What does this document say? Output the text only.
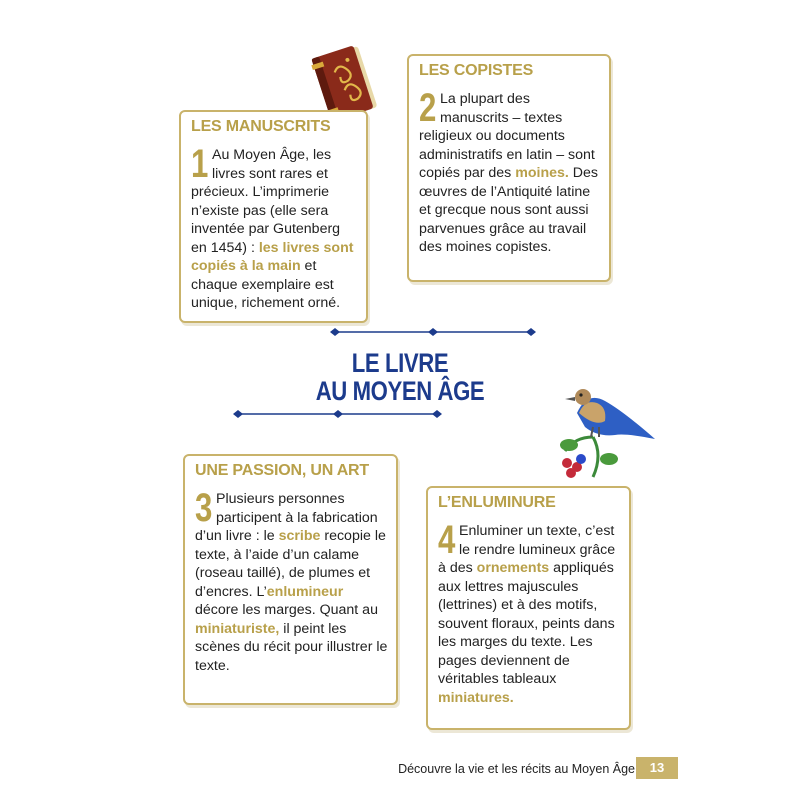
LES MANUSCRITS
1 Au Moyen Âge, les livres sont rares et précieux. L’imprimerie n’existe pas (elle sera inventée par Gutenberg en 1454) : les livres sont copiés à la main et chaque exemplaire est unique, richement orné.
LES COPISTES
2 La plupart des manuscrits – textes religieux ou documents administratifs en latin – sont copiés par des moines. Des œuvres de l’Antiquité latine et grecque nous sont aussi parvenues grâce au travail des moines copistes.
LE LIVRE
AU MOYEN ÂGE
UNE PASSION, UN ART
3 Plusieurs personnes participent à la fabrication d’un livre : le scribe recopie le texte, à l’aide d’un calame (roseau taillé), de plumes et d’encres. L’enlumineur décore les marges. Quant au miniaturiste, il peint les scènes du récit pour illustrer le texte.
L’ENLUMINURE
4 Enluminer un texte, c’est le rendre lumineux grâce à des ornements appliqués aux lettres majuscules (lettrines) et à des motifs, souvent floraux, peints dans les marges du texte. Les pages deviennent de véritables tableaux miniatures.
Découvre la vie et les récits au Moyen Âge	13
